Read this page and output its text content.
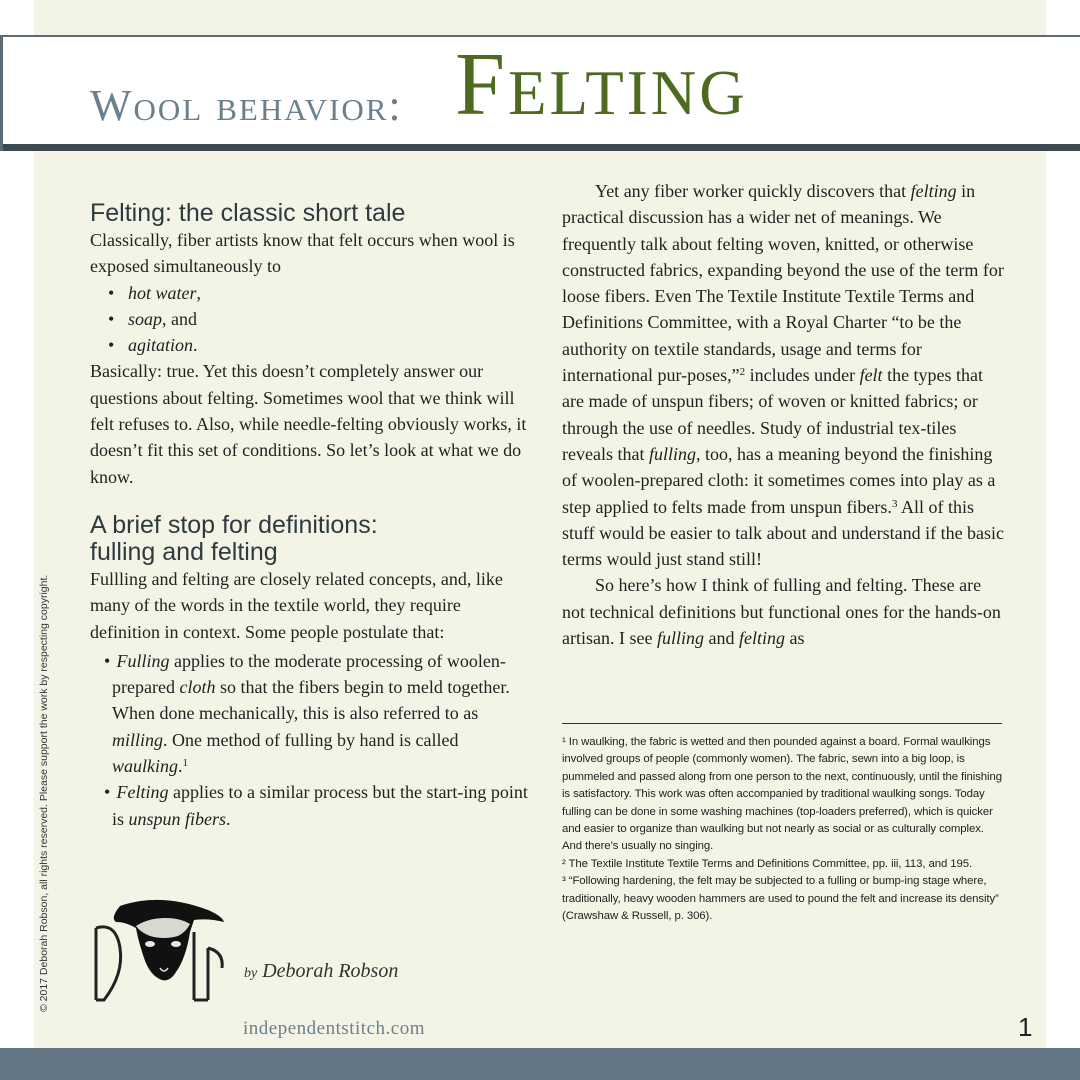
Wool behavior: Felting
© 2017 Deborah Robson, all rights reserved. Please support the work by respecting copyright.
Felting: the classic short tale

Classically, fiber artists know that felt occurs when wool is exposed simultaneously to

• hot water,
• soap, and
• agitation.

Basically: true. Yet this doesn’t completely answer our questions about felting. Sometimes wool that we think will felt refuses to. Also, while needle-felting obviously works, it doesn’t fit this set of conditions. So let’s look at what we do know.

A brief stop for definitions:
fulling and felting

Fullling and felting are closely related concepts, and, like many of the words in the textile world, they require definition in context. Some people postulate that:

• Fulling applies to the moderate processing of woolen-prepared cloth so that the fibers begin to meld together. When done mechanically, this is also referred to as milling. One method of fulling by hand is called waulking.$^1$
• Felting applies to a similar process but the start-ing point is unspun fibers.

Yet any fiber worker quickly discovers that felting in practical discussion has a wider net of meanings. We frequently talk about felting woven, knitted, or otherwise constructed fabrics, expanding beyond the use of the term for loose fibers. Even The Textile Institute Textile Terms and Definitions Committee, with a Royal Charter “to be the authority on textile standards, usage and terms for international pur-poses,”$^2$ includes under felt the types that are made of unspun fibers; of woven or knitted fabrics; or through the use of needles. Study of industrial tex-tiles reveals that fulling, too, has a meaning beyond the finishing of woolen-prepared cloth: it sometimes comes into play as a step applied to felts made from unspun fibers.$^3$ All of this stuff would be easier to talk about and understand if the basic terms would just stand still!

So here’s how I think of fulling and felting. These are not technical definitions but functional ones for the hands-on artisan. I see fulling and felting as

¹ In waulking, the fabric is wetted and then pounded against a board. Formal waulkings involved groups of people (commonly women). The fabric, sewn into a big loop, is pummeled and passed along from one person to the next, continuously, until the finishing is satisfactory. This work was often accompanied by traditional waulking songs. Today fulling can be done in some washing machines (top-loaders preferred), which is quicker and easier to organize than waulking but not nearly as social or as culturally complex. And there’s usually no singing.

² The Textile Institute Textile Terms and Definitions Committee, pp. iii, 113, and 195.

³ “Following hardening, the felt may be subjected to a fulling or bump-ing stage where, traditionally, heavy wooden hammers are used to pound the felt and increase its density” (Crawshaw & Russell, p. 306).

by Deborah Robson
independentstitch.com	1
